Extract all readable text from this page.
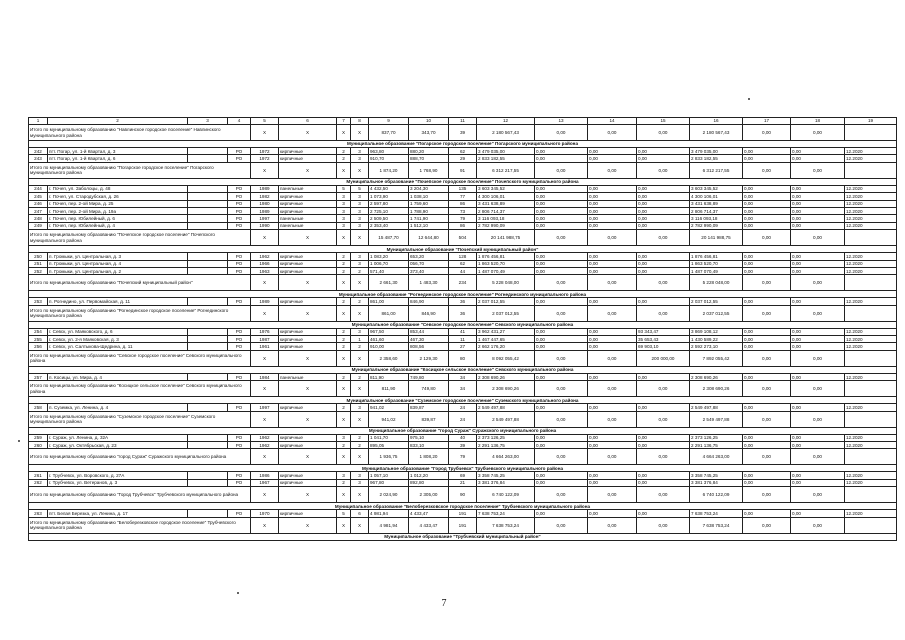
1	2	3	4	5	6	7	8	9	10	11	12	13	14	15	16	17	18	19
Итого по муниципальному образованию "Навлинское городское поселение" Навлинского муниципального района				X	X	X	X	837,70	343,70	39	2 180 567,43	0,00	0,00	0,00	2 180 567,43	0,00	0,00	
Муниципальное образование "Погарское городское поселение" Погарского муниципального района																		
242	пгт. Погар, ул. 1-й Квартал, д. 3		РО	1972	кирпичные	2	3	963,80	880,20	62	3 479 035,00	0,00	0,00	0,00	3 479 035,00	0,00	0,00	12.2020
243	пгт. Погар, ул. 1-й Квартал, д. 6		РО	1972	кирпичные	2	3	910,70	888,70	29	2 833 182,55	0,00	0,00	0,00	2 833 182,55	0,00	0,00	12.2020
Итого по муниципальному образованию "Погарское городское поселение" Погарского муниципального района				X	X	X	X	1 874,20	1 768,90	91	6 312 217,55	0,00	0,00	0,00	6 312 217,55	0,00	0,00	
Муниципальное образование "Почепское городское поселение" Почепского муниципального района																		
244	г. Почеп, ул. Заболоцы, д. 48		РО	1989	панельные	5	5	4 432,50	3 204,30	135	3 603 345,52	0,00	0,00	0,00	3 603 345,52	0,00	0,00	12.2020
245	г. Почеп, ул. Стародубская, д. 26		РО	1982	кирпичные	3	3	1 073,90	1 038,10	77	4 300 106,01	0,00	0,00	0,00	4 300 106,01	0,00	0,00	12.2020
246	г. Почеп, пер. 2-ой Мира, д. 25		РО	1980	кирпичные	3	3	2 597,80	1 759,60	86	3 431 638,89	0,00	0,00	0,00	3 431 638,89	0,00	0,00	12.2020
247	г. Почеп, пер. 2-ой Мира, д. 19а		РО	1989	кирпичные	3	3	2 725,10	1 788,90	73	2 806 714,37	0,00	0,00	0,00	2 806 714,37	0,00	0,00	12.2020
248	г. Почеп, пер. Юбилейный, д. 6		РО	1997	панельные	3	3	2 509,50	1 741,90	79	3 116 093,18	0,00	0,00	0,00	3 116 093,18	0,00	0,00	12.2020
249	г. Почеп, пер. Юбилейный, д. 4		РО	1990	панельные	3	3	2 353,40	1 512,10	86	2 782 990,09	0,00	0,00	0,00	2 782 990,09	0,00	0,00	12.2020
Итого по муниципальному образованию "Почепское городское поселение" Почепского муниципального района				X	X	X	X	15 487,70	12 644,80	504	20 141 988,75	0,00	0,00	0,00	20 141 988,75	0,00	0,00	
Муниципальное образование "Почепский муниципальный район"																		
250	п. Громыки, ул. Центральная, д. 3		РО	1962	кирпичные	2	3	1 083,20	653,20	128	1 876 456,81	0,00	0,00	0,00	1 876 456,81	0,00	0,00	12.2020
251	п. Громыки, ул. Центральная, д. 4		РО	1966	кирпичные	2	3	1 006,70	056,70	62	1 863 520,70	0,00	0,00	0,00	1 863 520,70	0,00	0,00	12.2020
252	п. Громыки, ул. Центральная, д. 2		РО	1963	кирпичные	2	2	571,40	373,40	44	1 487 070,49	0,00	0,00	0,00	1 487 070,49	0,00	0,00	12.2020
Итого по муниципальному образованию "Почепский муниципальный район"				X	X	X	X	2 661,30	1 483,30	234	5 228 048,00	0,00	0,00	0,00	5 228 048,00	0,00	0,00	
Муниципальное образование "Рогнединское городское поселение" Рогнединского муниципального района																		
253	п. Рогнедино, ул. Первомайская, д. 11		РО	1989	кирпичные	2	2	861,00	846,90	36	2 037 012,55	0,00	0,00	0,00	2 037 012,55	0,00	0,00	12.2020
Итого по муниципальному образованию "Рогнединское городское поселение" Рогнединского муниципального района				X	X	X	X	861,00	846,90	36	2 037 012,55	0,00	0,00	0,00	2 037 012,55	0,00	0,00	
Муниципальное образование "Севское городское поселение" Севского муниципального района																		
254	г. Севск, ул. Маяковского, д. 6		РО	1976	кирпичные	2	3	967,50	853,44	41	3 962 431,27	0,00	0,00	93 343,47	3 869 108,12	0,00	0,00	12.2020
255	г. Севск, ул. 2-я Маяковская, д. 3		РО	1987	кирпичные	2	1	461,60	467,30	11	1 467 447,65	0,00	0,00	35 653,43	1 430 589,22	0,00	0,00	12.2020
256	г. Севск, ул. Салтыкова-Щедрина, д. 11		РО	1961	кирпичные	2	2	910,00	808,56	27	2 662 176,20	0,00	0,00	69 903,10	2 592 273,10	0,00	0,00	12.2020
Итого по муниципальному образованию "Севское городское поселение" Севского муниципального района				X	X	X	X	2 358,60	2 129,30	80	8 092 055,42	0,00	0,00	200 000,00	7 892 055,42	0,00	0,00	
Муниципальное образование "Косицкое сельское поселение" Севского муниципального района																		
257	п. Косицы, ул. Мира, д. 4		РО	1984	панельные	2	2	811,90	749,80	34	2 308 690,26	0,00	0,00	0,00	2 308 690,26	0,00	0,00	12.2020
Итого по муниципальному образованию "Косицкое сельское поселение" Севского муниципального района				X	X	X	X	811,90	749,80	34	2 308 690,26	0,00	0,00	0,00	2 308 690,26	0,00	0,00	
Муниципальное образование "Суземское городское поселение" Суземского муниципального района																		
258	п. Суземка, ул. Ленина, д. 4		РО	1997	кирпичные	2	3	941,02	839,87	24	2 549 497,88	0,00	0,00	0,00	2 549 497,88	0,00	0,00	12.2020
Итого по муниципальному образованию "Суземское городское поселение" Суземского муниципального района				X	X	X	X	941,02	839,87	24	2 549 497,88	0,00	0,00	0,00	2 549 497,88	0,00	0,00	
Муниципальное образование "город Сураж" Суражского муниципального района																		
259	г. Сураж, ул. Ленина, д. 32А		РО	1962	кирпичные	3	2	1 041,70	975,10	40	2 373 126,25	0,00	0,00	0,00	2 373 126,25	0,00	0,00	12.2020
260	г. Сураж, ул. Октябрьская, д. 23		РО	1962	кирпичные	2	2	895,05	833,10	39	2 291 136,75	0,00	0,00	0,00	2 291 136,75	0,00	0,00	12.2020
Итого по муниципальному образованию "город Сураж" Суражского муниципального района				X	X	X	X	1 936,75	1 808,20	79	4 664 263,00	0,00	0,00	0,00	4 664 263,00	0,00	0,00	
Муниципальное образование "Город Трубчевск" Трубчевского муниципального района																		
261	г. Трубчевск, ул. Воровского, д. 27А		РО	1986	кирпичные	3	3	1 057,10	1 012,20	69	3 358 745,25	0,00	0,00	0,00	3 358 745,25	0,00	0,00	12.2020
262	г. Трубчевск, ул. Ветеранов, д. 3		РО	1967	кирпичные	2	3	967,80	892,80	21	3 381 376,84	0,00	0,00	0,00	3 381 376,84	0,00	0,00	12.2020
Итого по муниципальному образованию "Город Трубчевск" Трубчевского муниципального района				X	X	X	X	2 024,90	2 305,00	90	6 740 122,09	0,00	0,00	0,00	6 740 122,09	0,00	0,00	
Муниципальное образование "Белоберезковское городское поселение" Трубчевского муниципального района																		
263	пгт. Белая Березка, ул. Ленина, д. 17		РО	1970	кирпичные	5	6	4 981,94	4 433,47	191	7 638 753,24	0,00	0,00	0,00	7 638 753,24	0,00	0,00	12.2020
Итого по муниципальному образованию "Белоберезковское городское поселение" Трубчевского муниципального района				X	X	X	X	4 981,94	4 433,47	191	7 638 753,24	0,00	0,00	0,00	7 638 753,24	0,00	0,00	
Муниципальное образование "Трубчевский муниципальный район"																		
7
